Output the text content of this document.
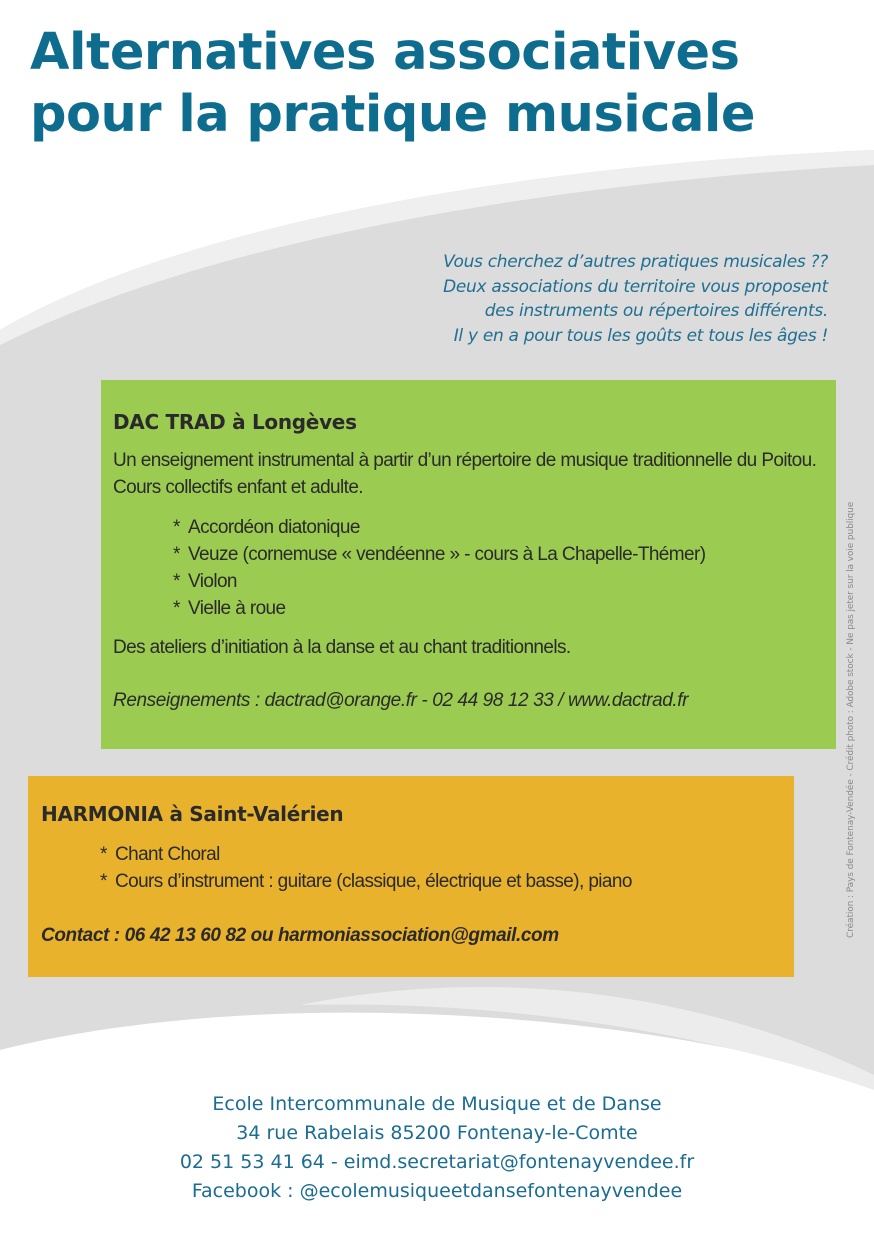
Alternatives associatives
pour la pratique musicale
Vous cherchez d’autres pratiques musicales ??
Deux associations du territoire vous proposent
des instruments ou répertoires différents.
Il y en a pour tous les goûts et tous les âges !
DAC TRAD à Longèves
Un enseignement instrumental à partir d’un répertoire de musique traditionnelle du Poitou. Cours collectifs enfant et adulte.
* Accordéon diatonique
* Veuze (cornemuse « vendéenne » - cours à La Chapelle-Thémer)
* Violon
* Vielle à roue
Des ateliers d’initiation à la danse et au chant traditionnels.
Renseignements : dactrad@orange.fr - 02 44 98 12 33 / www.dactrad.fr
HARMONIA à Saint-Valérien
* Chant Choral
* Cours d’instrument : guitare (classique, électrique et basse), piano
Contact : 06 42 13 60 82 ou harmoniassociation@gmail.com	Création : Pays de Fontenay-Vendée - Crédit photo : Adobe stock - Ne pas jeter sur la voie publique
Ecole Intercommunale de Musique et de Danse
34 rue Rabelais 85200 Fontenay-le-Comte
02 51 53 41 64 - eimd.secretariat@fontenayvendee.fr
Facebook : @ecolemusiqueetdansefontenayvendee
